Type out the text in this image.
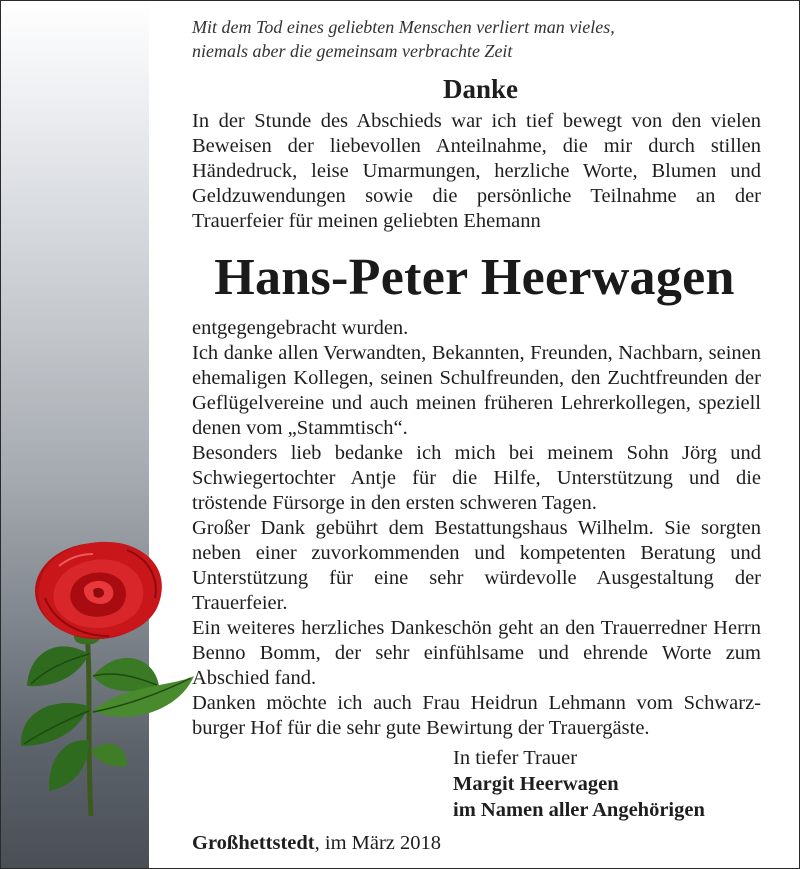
Mit dem Tod eines geliebten Menschen verliert man vieles,

niemals aber die gemeinsam verbrachte Zeit

Danke

In der Stunde des Abschieds war ich tief bewegt von den vielen Beweisen der liebevollen Anteilnahme, die mir durch stillen Händedruck, leise Umarmungen, herzliche Worte, Blumen und Geldzuwendungen sowie die persönliche Teilnahme an der Trauerfeier für meinen geliebten Ehemann

Hans-Peter Heerwagen

entgegengebracht wurden.

Ich danke allen Verwandten, Bekannten, Freunden, Nachbarn, seinen ehemaligen Kollegen, seinen Schulfreunden, den Zuchtfreunden der Geflügelvereine und auch meinen früheren Lehrerkollegen, speziell denen vom „Stammtisch“.

Besonders lieb bedanke ich mich bei meinem Sohn Jörg und Schwiegertochter Antje für die Hilfe, Unterstützung und die tröstende Fürsorge in den ersten schweren Tagen.

Großer Dank gebührt dem Bestattungshaus Wilhelm. Sie sorgten neben einer zuvorkommenden und kompetenten Beratung und Unterstützung für eine sehr würdevolle Ausgestaltung der Trauerfeier.

Ein weiteres herzliches Dankeschön geht an den Trauerredner Herrn Benno Bomm, der sehr einfühlsame und ehrende Worte zum Abschied fand.

Danken möchte ich auch Frau Heidrun Lehmann vom Schwarzburger Hof für die sehr gute Bewirtung der Trauergäste.

In tiefer Trauer
Margit Heerwagen
im Namen aller Angehörigen
Großhettstedt, im März 2018
